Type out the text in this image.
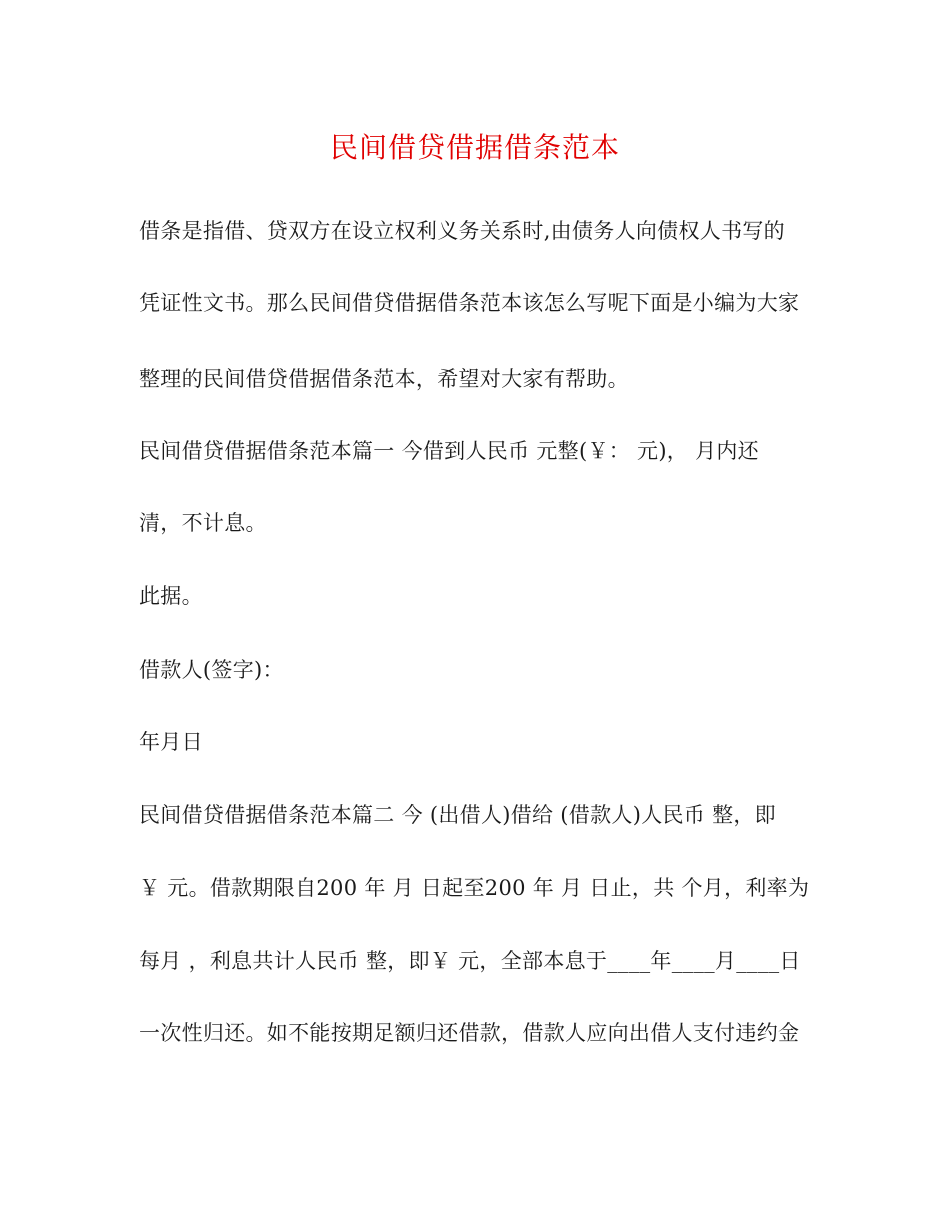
民间借贷借据借条范本
借条是指借、贷双方在设立权利义务关系时,由债务人向债权人书写的
凭证性文书。那么民间借贷借据借条范本该怎么写呢下面是小编为大家
整理的民间借贷借据借条范本，希望对大家有帮助。
民间借贷借据借条范本篇一 今借到人民币 元整(￥： 元)， 月内还
清，不计息。
此据。
借款人(签字)：
年月日
民间借贷借据借条范本篇二 今 (出借人)借给 (借款人)人民币 整，即
￥ 元。借款期限自200 年 月 日起至200 年 月 日止，共 个月，利率为
每月 ，利息共计人民币 整，即￥ 元，全部本息于____年____月____日
一次性归还。如不能按期足额归还借款，借款人应向出借人支付违约金
